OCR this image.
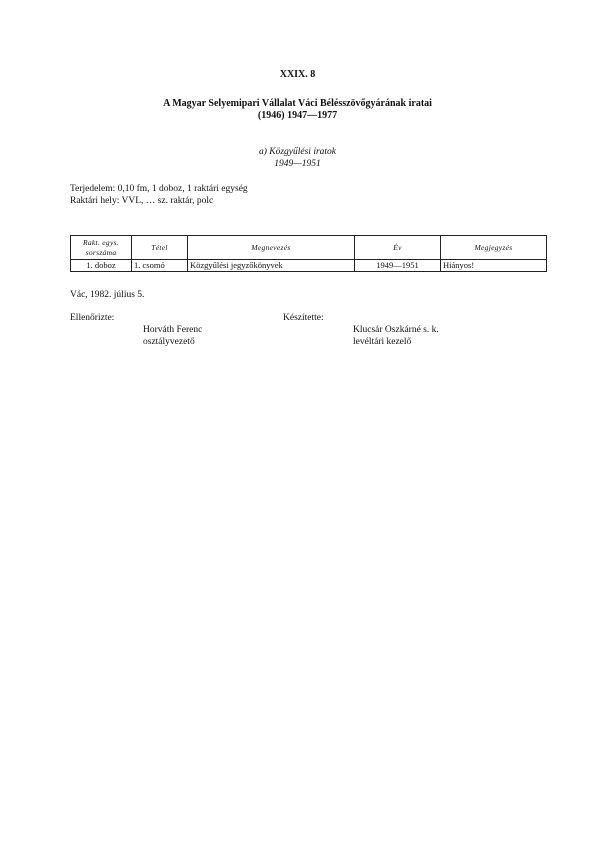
XXIX. 8
A Magyar Selyemipari Vállalat Váci Bélésszövőgyárának iratai
(1946) 1947—1977
a) Közgyűlési iratok
1949—1951
Terjedelem: 0,10 fm, 1 doboz, 1 raktári egység
Raktári hely: VVL, … sz. raktár, polc
Rakt. egys. sorszáma	Tétel	Megnevezés	Év	Megjegyzés
1. doboz	1. csomó	Közgyűlési jegyzőkönyvek	1949—1951	Hiányos!
Vác, 1982. július 5.
Ellenőrizte:
Horváth Ferenc
osztályvezető
Készítette:
Klucsár Oszkárné s. k.
levéltári kezelő
